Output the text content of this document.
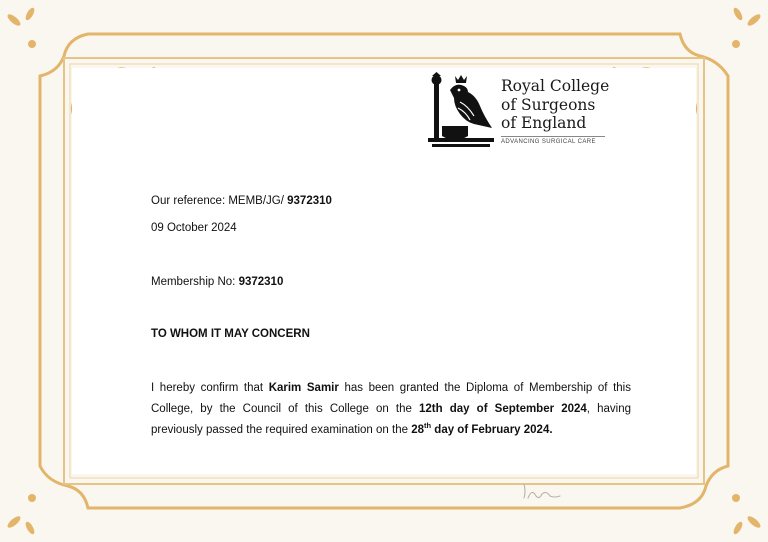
Royal College
of Surgeons
of England
ADVANCING SURGICAL CARE
Our reference: MEMB/JG/ 9372310
09 October 2024
Membership No: 9372310
TO WHOM IT MAY CONCERN
I hereby confirm that Karim Samir has been granted the Diploma of Membership of this
College, by the Council of this College on the 12th day of September 2024, having
previously passed the required examination on the 28th day of February 2024.
